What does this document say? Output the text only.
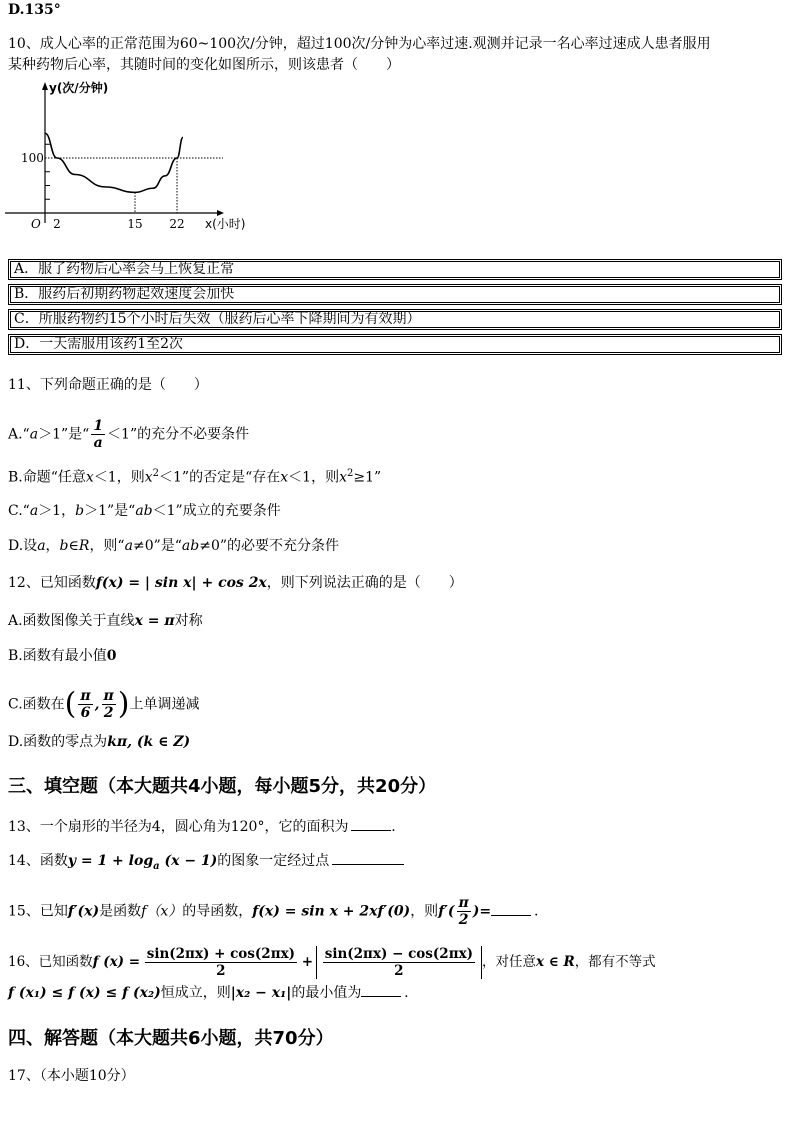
D.135°
10、成人心率的正常范围为60~100次/分钟，超过100次/分钟为心率过速.观测并记录一名心率过速成人患者服用
某种药物后心率，其随时间的变化如图所示，则该患者（　　）
100
O 2	15 22
y(次/分钟)
x(小时)
A．服了药物后心率会马上恢复正常
B．服药后初期药物起效速度会加快
C．所服药物约15个小时后失效（服药后心率下降期间为有效期）
D．一天需服用该药1至2次
11、下列命题正确的是（　　）
A.“a＞1”是“ $\frac{1}{a} <1$”的充分不必要条件
B.命题“任意x＜1，则$x^2<1$”的否定是“存在x＜1，则$x^2\ge 1$”
C.“a＞1，b＞1”是“ab＜1”成立的充要条件
D.设a，b∈R，则“a≠0”是“ab≠0”的必要不充分条件
12、已知函数f(x) = | sin x| + cos 2x，则下列说法正确的是（　　）
A.函数图像关于直线x = π对称
B.函数有最小值0
C.函数在( $\frac{\pi}{6}$ , $\frac{\pi}{2}$ )上单调递减
D.函数的零点为kπ, (k ∈ Z)
三、填空题（本大题共4小题，每小题5分，共20分）
13、一个扇形的半径为4，圆心角为120°，它的面积为 	.
14、函数$y = 1 + \log_a (x - 1)$的图象一定经过点 
15、已知f′(x)是函数f（x）的导函数，f(x) = sin x + 2xf′(0)，则$f'( \frac{\pi}{2}$ )= 	.
16、已知函数f $(x) = \frac{\sin(2\pi x) + \cos(2\pi x)}{2}$
  +  $\frac{\sin(2\pi x) - \cos(2\pi x)}{2}$ ，对任意x ∈ R，都有不等式
f (x₁) ≤ f (x) ≤ f (x₂)恒成立，则|x₂ − x₁|的最小值为 	.
四、解答题（本大题共6小题，共70分）
17、（本小题10分）
